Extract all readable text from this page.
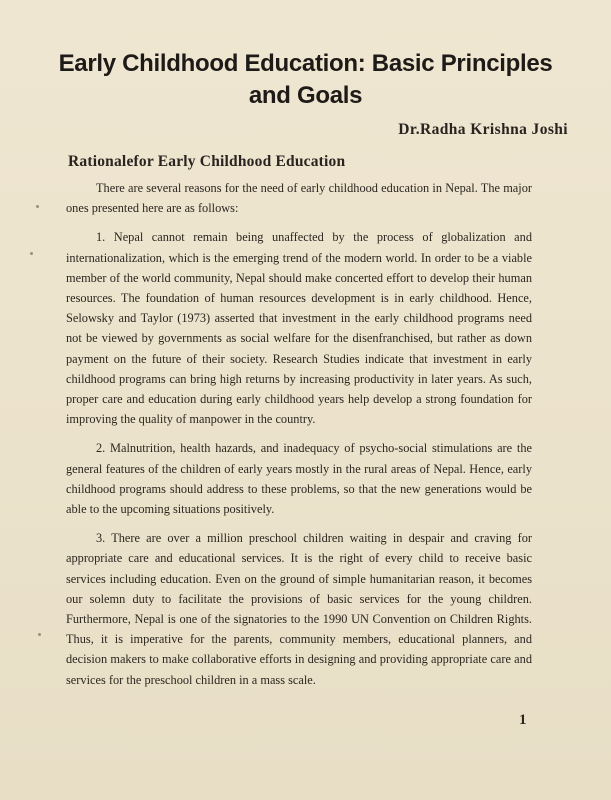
Early Childhood Education: Basic Principles and Goals
Dr.Radha Krishna Joshi
Rationalefor Early Childhood Education

There are several reasons for the need of early childhood education in Nepal. The major ones presented here are as follows:

1. Nepal cannot remain being unaffected by the process of globalization and internationalization, which is the emerging trend of the modern world. In order to be a viable member of the world community, Nepal should make concerted effort to develop their human resources. The foundation of human resources development is in early childhood. Hence, Selowsky and Taylor (1973) asserted that investment in the early childhood programs need not be viewed by governments as social welfare for the disenfranchised, but rather as down payment on the future of their society. Research Studies indicate that investment in early childhood programs can bring high returns by increasing productivity in later years. As such, proper care and education during early childhood years help develop a strong foundation for improving the quality of manpower in the country.

2. Malnutrition, health hazards, and inadequacy of psycho-social stimulations are the general features of the children of early years mostly in the rural areas of Nepal. Hence, early childhood programs should address to these problems, so that the new generations would be able to the upcoming situations positively.

3. There are over a million preschool children waiting in despair and craving for appropriate care and educational services. It is the right of every child to receive basic services including education. Even on the ground of simple humanitarian reason, it becomes our solemn duty to facilitate the provisions of basic services for the young children. Furthermore, Nepal is one of the signatories to the 1990 UN Convention on Children Rights. Thus, it is imperative for the parents, community members, educational planners, and decision makers to make collaborative efforts in designing and providing appropriate care and services for the preschool children in a mass scale.

1
